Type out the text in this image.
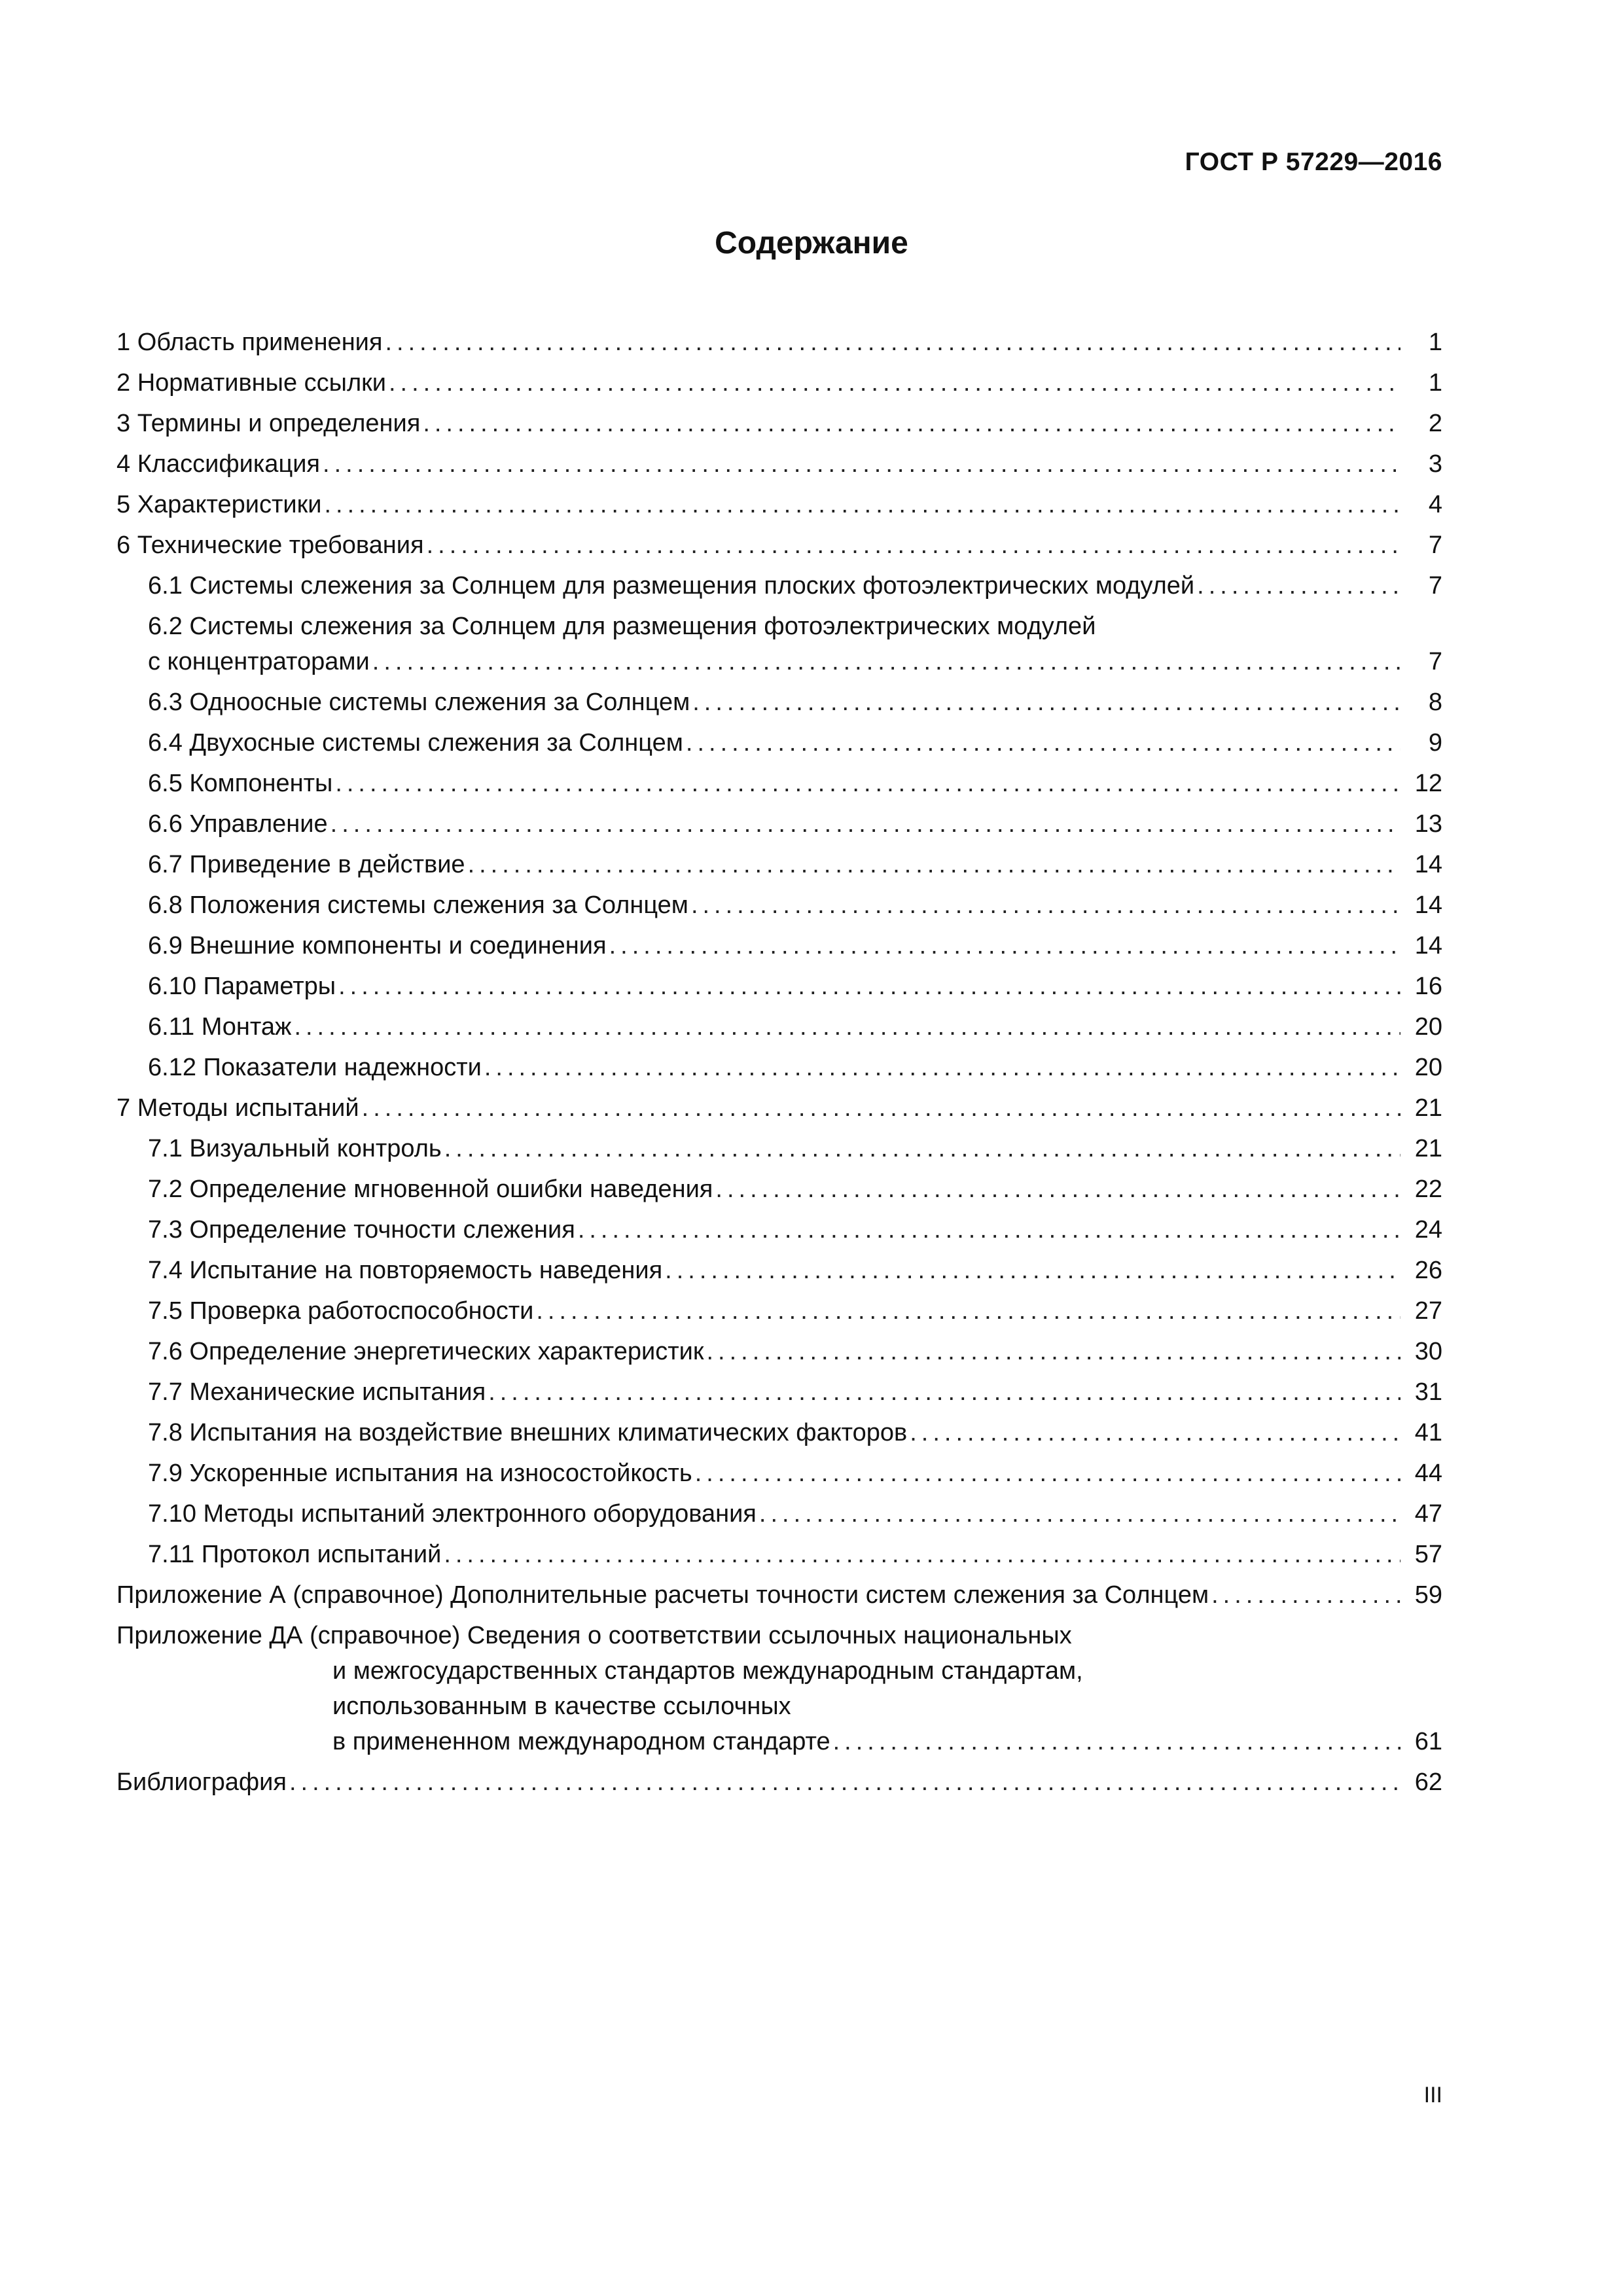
ГОСТ Р 57229—2016
Содержание
1 Область применения .....	1
2 Нормативные ссылки .....	1
3 Термины и определения .....	2
4 Классификация .....	3
5 Характеристики .....	4
6 Технические требования .....	7
6.1 Системы слежения за Солнцем для размещения плоских фотоэлектрических модулей .....	7
6.2 Системы слежения за Солнцем для размещения фотоэлектрических модулей
с концентраторами .....	7
6.3 Одноосные системы слежения за Солнцем .....	8
6.4 Двухосные системы слежения за Солнцем .....	9
6.5 Компоненты .....	12
6.6 Управление .....	13
6.7 Приведение в действие .....	14
6.8 Положения системы слежения за Солнцем .....	14
6.9 Внешние компоненты и соединения .....	14
6.10 Параметры .....	16
6.11 Монтаж .....	20
6.12 Показатели надежности .....	20
7 Методы испытаний .....	21
7.1 Визуальный контроль .....	21
7.2 Определение мгновенной ошибки наведения .....	22
7.3 Определение точности слежения .....	24
7.4 Испытание на повторяемость наведения .....	26
7.5 Проверка работоспособности .....	27
7.6 Определение энергетических характеристик .....	30
7.7 Механические испытания .....	31
7.8 Испытания на воздействие внешних климатических факторов .....	41
7.9 Ускоренные испытания на износостойкость .....	44
7.10 Методы испытаний электронного оборудования .....	47
7.11 Протокол испытаний .....	57
Приложение А (справочное) Дополнительные расчеты точности систем слежения за Солнцем .....	59
Приложение ДА (справочное) Сведения о соответствии ссылочных национальных
и межгосударственных стандартов международным стандартам,
использованным в качестве ссылочных
в примененном международном стандарте .....	61
Библиография .....	62
III
